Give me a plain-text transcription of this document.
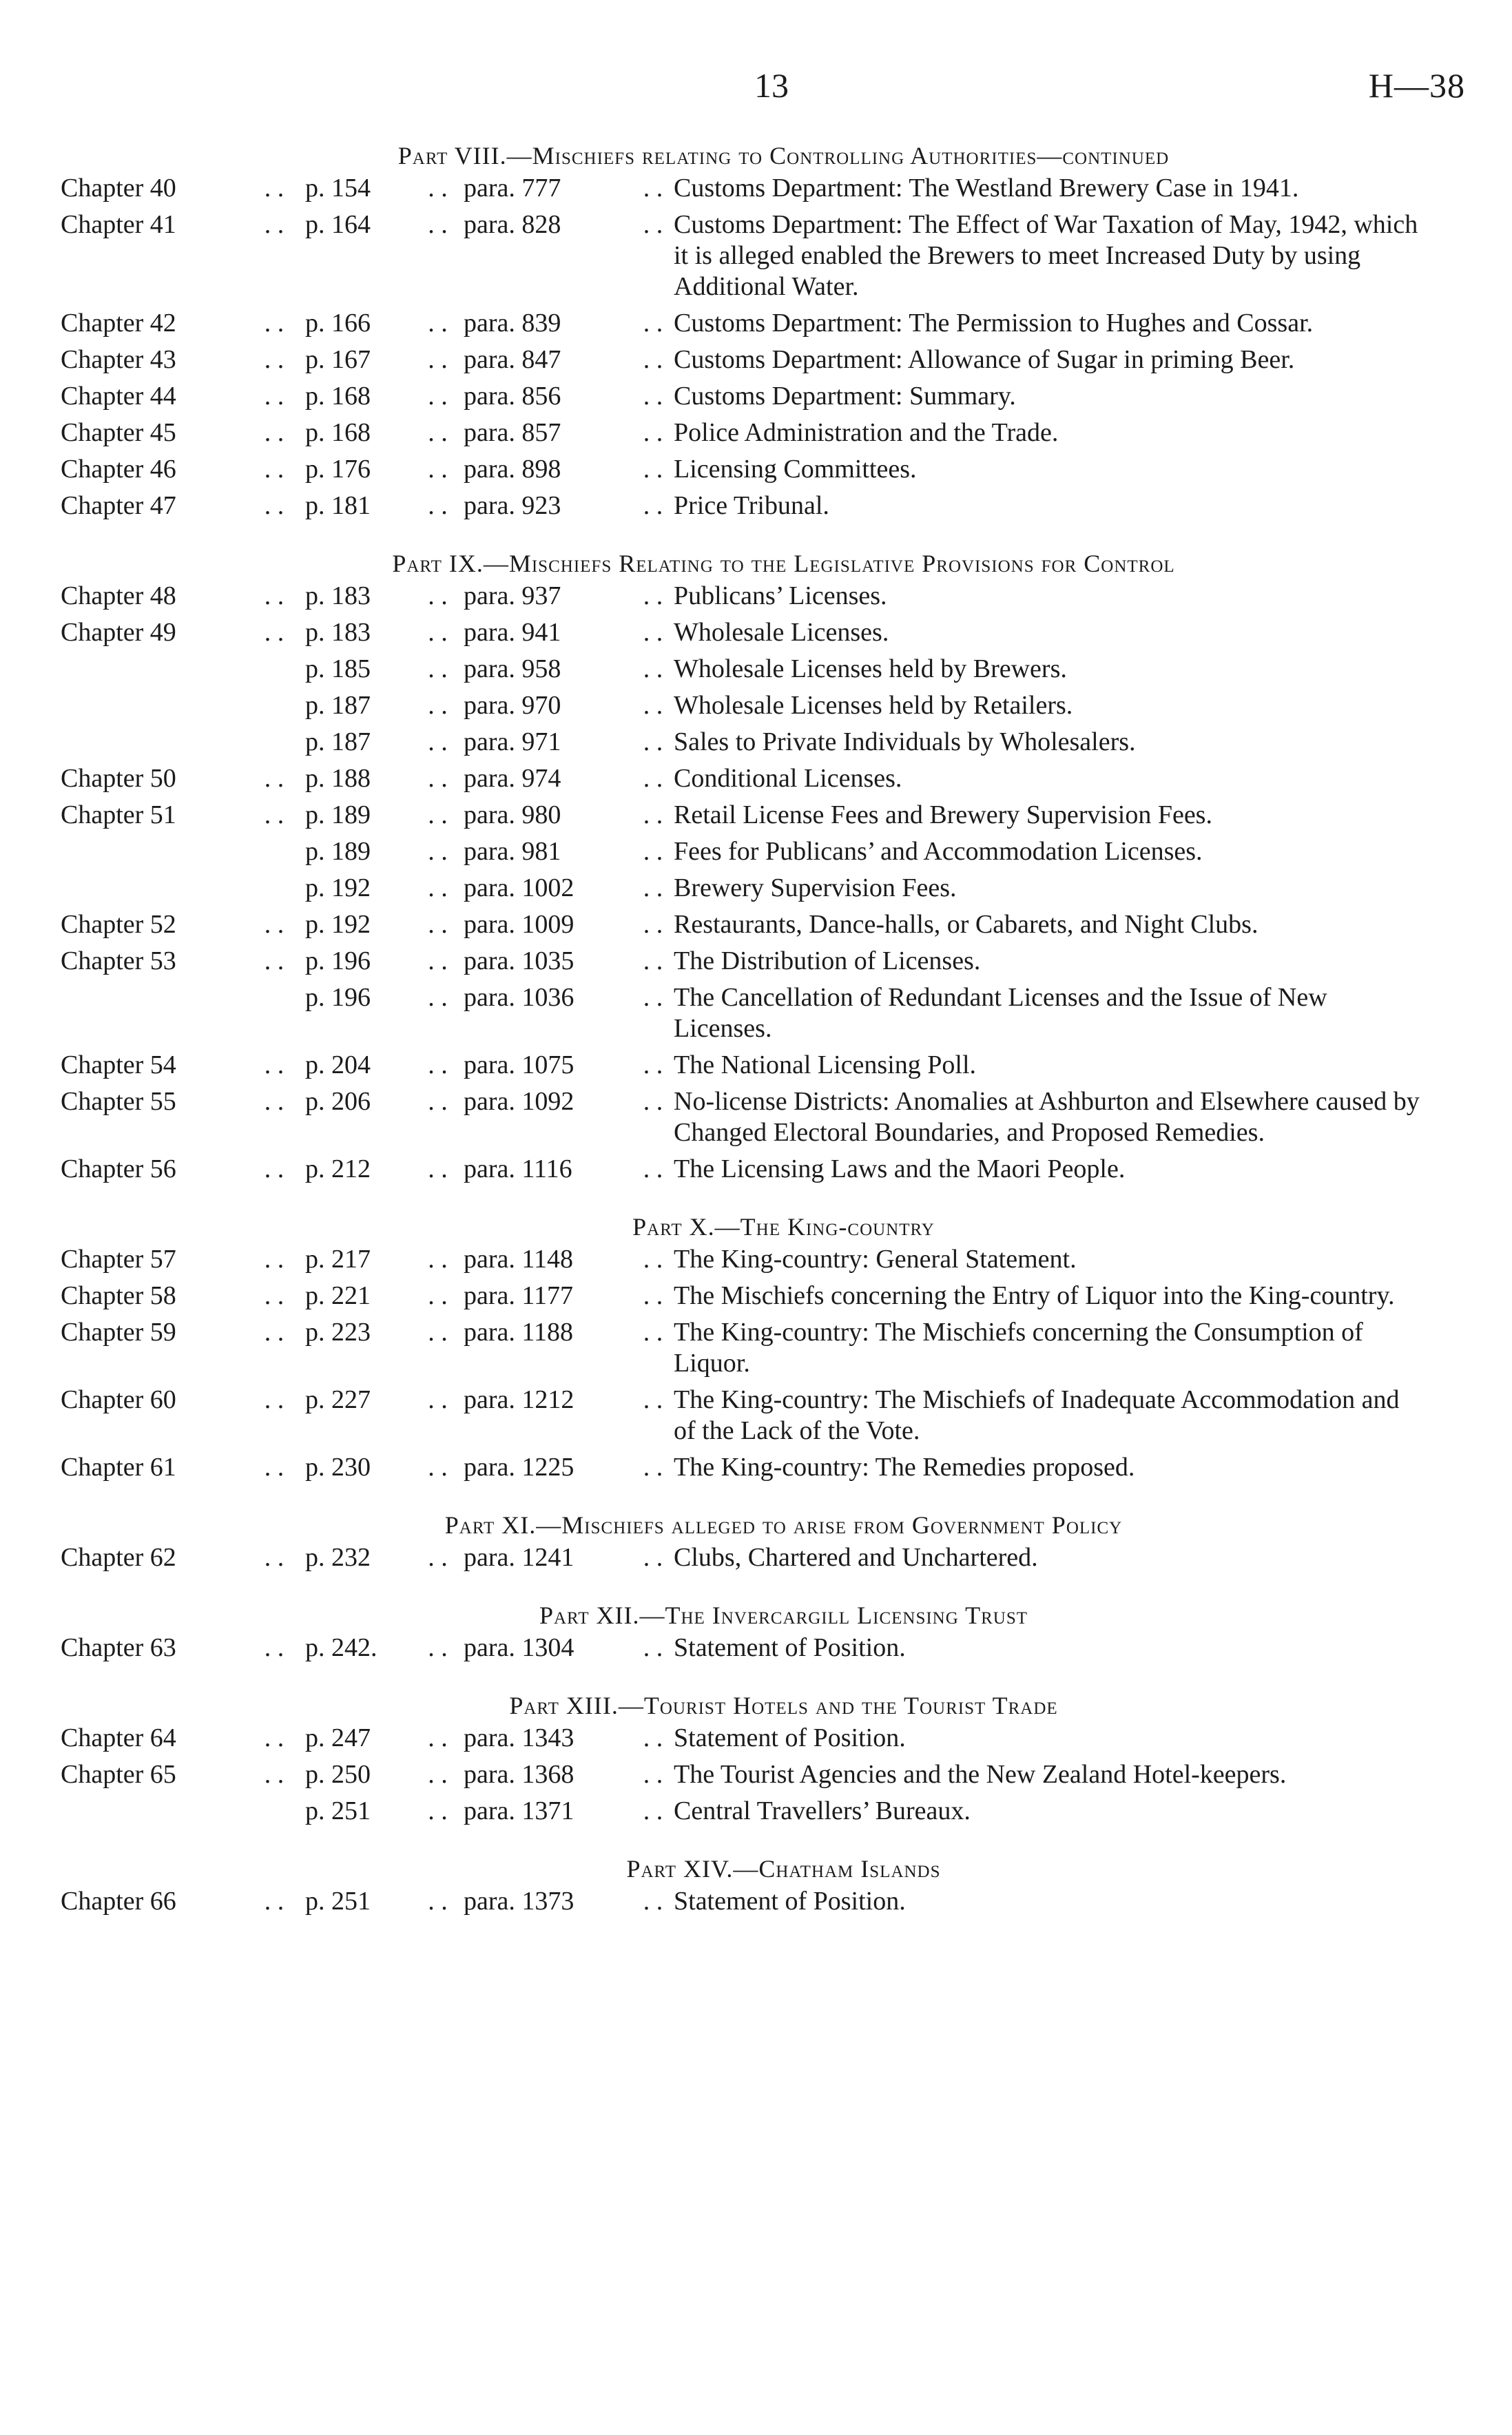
13	H—38
Part VIII.—Mischiefs relating to Controlling Authorities—continued
Chapter 40	. . p. 154	. . para. 777	. . Customs Department: The Westland Brewery Case in 1941.
Chapter 41	. . p. 164	. . para. 828	. . Customs Department: The Effect of War Taxation of May, 1942, which it is alleged enabled the Brewers to meet Increased Duty by using Additional Water.
Chapter 42	. . p. 166	. . para. 839	. . Customs Department: The Permission to Hughes and Cossar.
Chapter 43	. . p. 167	. . para. 847	. . Customs Department: Allowance of Sugar in priming Beer.
Chapter 44	. . p. 168	. . para. 856	. . Customs Department: Summary.
Chapter 45	. . p. 168	. . para. 857	. . Police Administration and the Trade.
Chapter 46	. . p. 176	. . para. 898	. . Licensing Committees.
Chapter 47	. . p. 181	. . para. 923	. . Price Tribunal.
Part IX.—Mischiefs Relating to the Legislative Provisions for Control
Chapter 48	. . p. 183	. . para. 937	. . Publicans’ Licenses.
Chapter 49	. . p. 183	. . para. 941	. . Wholesale Licenses.
p. 185	. . para. 958	. . Wholesale Licenses held by Brewers.
p. 187	. . para. 970	. . Wholesale Licenses held by Retailers.
p. 187	. . para. 971	. . Sales to Private Individuals by Wholesalers.
Chapter 50	. . p. 188	. . para. 974	. . Conditional Licenses.
Chapter 51	. . p. 189	. . para. 980	. . Retail License Fees and Brewery Supervision Fees.
p. 189	. . para. 981	. . Fees for Publicans’ and Accommodation Licenses.
p. 192	. . para. 1002	. . Brewery Supervision Fees.
Chapter 52	. . p. 192	. . para. 1009	. . Restaurants, Dance-halls, or Cabarets, and Night Clubs.
Chapter 53	. . p. 196	. . para. 1035	. . The Distribution of Licenses.
p. 196	. . para. 1036	. . The Cancellation of Redundant Licenses and the Issue of New Licenses.
Chapter 54	. . p. 204	. . para. 1075	. . The National Licensing Poll.
Chapter 55	. . p. 206	. . para. 1092	. . No-license Districts: Anomalies at Ashburton and Elsewhere caused by Changed Electoral Boundaries, and Proposed Remedies.
Chapter 56	. . p. 212	. . para. 1116	. . The Licensing Laws and the Maori People.
Part X.—The King-country
Chapter 57	. . p. 217	. . para. 1148	. . The King-country: General Statement.
Chapter 58	. . p. 221	. . para. 1177	. . The Mischiefs concerning the Entry of Liquor into the King-country.
Chapter 59	. . p. 223	. . para. 1188	. . The King-country: The Mischiefs concerning the Consumption of Liquor.
Chapter 60	. . p. 227	. . para. 1212	. . The King-country: The Mischiefs of Inadequate Accommodation and of the Lack of the Vote.
Chapter 61	. . p. 230	. . para. 1225	. . The King-country: The Remedies proposed.
Part XI.—Mischiefs alleged to arise from Government Policy
Chapter 62	. . p. 232	. . para. 1241	. . Clubs, Chartered and Unchartered.
Part XII.—The Invercargill Licensing Trust
Chapter 63	. . p. 242.	. . para. 1304	. . Statement of Position.
Part XIII.—Tourist Hotels and the Tourist Trade
Chapter 64	. . p. 247	. . para. 1343	. . Statement of Position.
Chapter 65	. . p. 250	. . para. 1368	. . The Tourist Agencies and the New Zealand Hotel-keepers.
p. 251	. . para. 1371	. . Central Travellers’ Bureaux.
Part XIV.—Chatham Islands
Chapter 66	. . p. 251	. . para. 1373	. . Statement of Position.
